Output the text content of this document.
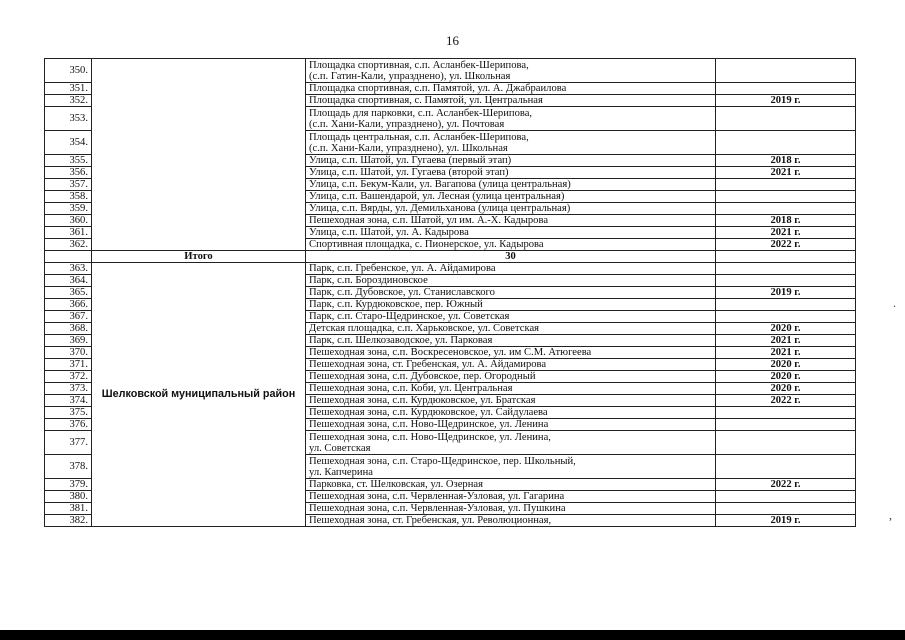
16
350.		Площадка спортивная, с.п. Асланбек-Шерипова,
(с.п. Гатин-Кали, упразднено), ул. Школьная	
351.		Площадка спортивная, с.п. Памятой, ул. А. Джабраилова	
352.		Площадка спортивная, с. Памятой, ул. Центральная	2019 г.
353.		Площадь для парковки, с.п. Асланбек-Шерипова,
(с.п. Хани-Кали, упразднено), ул. Почтовая	
354.		Площадь центральная, с.п. Асланбек-Шерипова,
(с.п. Хани-Кали, упразднено), ул. Школьная	
355.		Улица, с.п. Шатой, ул. Гугаева (первый этап)	2018 г.
356.		Улица, с.п. Шатой, ул. Гугаева (второй этап)	2021 г.
357.		Улица, с.п. Бекум-Кали, ул. Вагапова (улица центральная)	
358.		Улица, с.п. Вашендарой, ул. Лесная (улица центральная)	
359.		Улица, с.п. Вярды, ул. Демильханова (улица центральная)	
360.		Пешеходная зона, с.п. Шатой, ул им. А.-Х. Кадырова	2018 г.
361.		Улица, с.п. Шатой, ул. А. Кадырова	2021 г.
362.		Спортивная площадка, с. Пионерское, ул. Кадырова	2022 г.
	Итого	30	
363.	Шелковской муниципальный район	Парк, с.п. Гребенское, ул. А. Айдамирова	
364.		Парк, с.п. Бороздиновское	
365.		Парк, с.п. Дубовское, ул. Станиславского	2019 г.
366.		Парк, с.п. Курдюковское, пер. Южный	
367.		Парк, с.п. Старо-Щедринское, ул. Советская	
368.		Детская площадка, с.п. Харьковское, ул. Советская	2020 г.
369.		Парк, с.п. Шелкозаводское, ул. Парковая	2021 г.
370.		Пешеходная зона, с.п. Воскресеновское, ул. им С.М. Атюгеева	2021 г.
371.		Пешеходная зона, ст. Гребенская, ул. А. Айдамирова	2020 г.
372.		Пешеходная зона, с.п. Дубовское, пер. Огородный	2020 г.
373.		Пешеходная зона, с.п. Коби, ул. Центральная	2020 г.
374.		Пешеходная зона, с.п. Курдюковское, ул. Братская	2022 г.
375.		Пешеходная зона, с.п. Курдюковское, ул. Сайдулаева	
376.		Пешеходная зона, с.п. Ново-Щедринское, ул. Ленина	
377.		Пешеходная зона, с.п. Ново-Щедринское, ул. Ленина,
ул. Советская	
378.		Пешеходная зона, с.п. Старо-Щедринское, пер. Школьный,
ул. Капчерина	
379.		Парковка, ст. Шелковская, ул. Озерная	2022 г.
380.		Пешеходная зона, с.п. Червленная-Узловая, ул. Гагарина	
381.		Пешеходная зона, с.п. Червленная-Узловая, ул. Пушкина	
382.		Пешеходная зона, ст. Гребенская, ул. Революционная,	2019 г.
.
,
